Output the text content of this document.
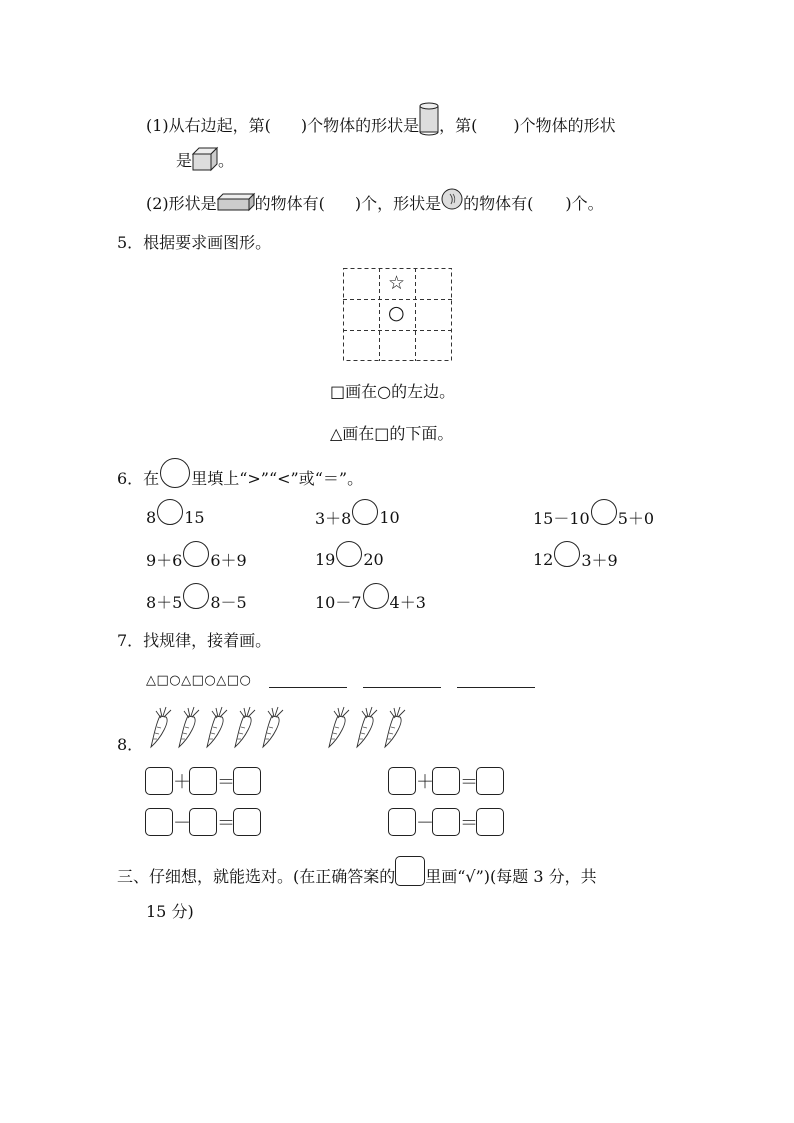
(1)从右边起，第( )个物体的形状是 ，第( )个物体的形状
是 。
(2)形状是 的物体有( )个，形状是 的物体有( )个。
5．根据要求画图形。
☆
○
□画在○的左边。
△画在□的下面。
6．在 里填上“>”“<”或“＝”。
8 15	3＋8 10	15－10 5＋0
9＋6 6＋9	19 20	12 3＋9
8＋5 8－5	10－7 4＋3
7．找规律，接着画。
△□○△□○△□○
8．
＋ ＝
－ ＝
＋ ＝
－ ＝
三、仔细想，就能选对。(在正确答案的 里画“√”)(每题 3 分，共
15 分)
